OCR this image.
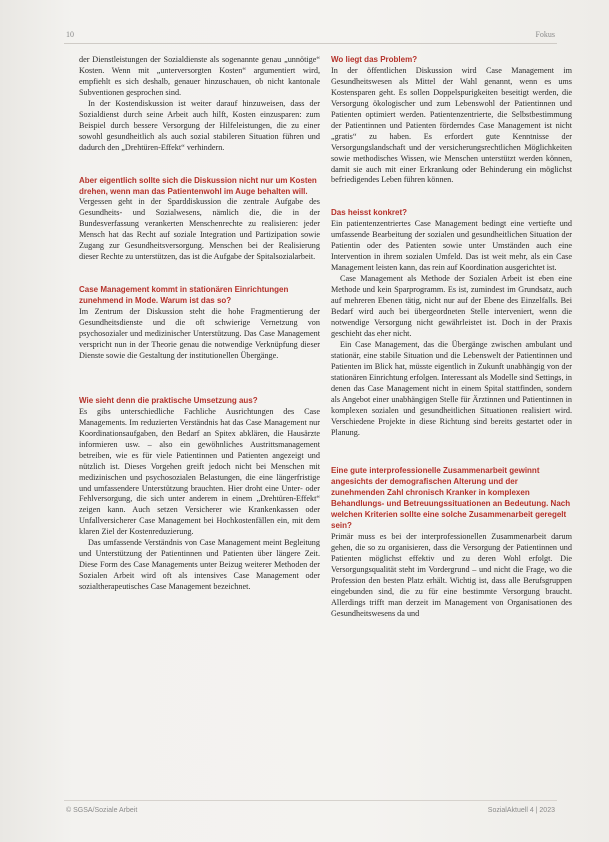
10	Fokus

der Dienstleistungen der Sozialdienste als sogenannte genau „unnötige“ Kosten. Wenn mit „unterversorgten Kosten“ argumentiert wird, empfiehlt es sich deshalb, genauer hinzuschauen, ob nicht kantonale Subventionen gesprochen sind.

In der Kostendiskussion ist weiter darauf hinzuweisen, dass der Sozialdienst durch seine Arbeit auch hilft, Kosten einzusparen: zum Beispiel durch bessere Versorgung der Hilfeleistungen, die zu einer sowohl gesundheitlich als auch sozial stabileren Situation führen und dadurch den „Drehtüren-Effekt“ verhindern.

Aber eigentlich sollte sich die Diskussion nicht nur um Kosten drehen, wenn man das Patientenwohl im Auge behalten will.

Vergessen geht in der Sparddiskussion die zentrale Aufgabe des Gesundheits- und Sozialwesens, nämlich die, die in der Bundesverfassung verankerten Menschenrechte zu realisieren: jeder Mensch hat das Recht auf soziale Integration und Partizipation sowie Zugang zur Gesundheitsversorgung. Menschen bei der Realisierung dieser Rechte zu unterstützen, das ist die Aufgabe der Spitalsozialarbeit.

Case Management kommt in stationären Einrichtungen zunehmend in Mode. Warum ist das so?

Im Zentrum der Diskussion steht die hohe Fragmentierung der Gesundheitsdienste und die oft schwierige Vernetzung von psychosozialer und medizinischer Unterstützung. Das Case Management verspricht nun in der Theorie genau die notwendige Verknüpfung dieser Dienste sowie die Gestaltung der institutionellen Übergänge.

Wie sieht denn die praktische Umsetzung aus?

Es gibs unterschiedliche Fachliche Ausrichtungen des Case Managements. Im reduzierten Verständnis hat das Case Management nur Koordinationsaufgaben, den Bedarf an Spitex abklären, die Hausärzte informieren usw. – also ein gewöhnliches Austrittsmanagement betreiben, wie es für viele Patientinnen und Patienten angezeigt und nützlich ist. Dieses Vorgehen greift jedoch nicht bei Menschen mit medizinischen und psychosozialen Belastungen, die eine längerfristige und umfassendere Unterstützung brauchten. Hier droht eine Unter- oder Fehlversorgung, die sich unter anderem in einem „Drehtüren-Effekt“ zeigen kann. Auch setzen Versicherer wie Krankenkassen oder Unfallversicherer Case Management bei Hochkostenfällen ein, mit dem klaren Ziel der Kostenreduzierung.

Das umfassende Verständnis von Case Management meint Begleitung und Unterstützung der Patientinnen und Patienten über längere Zeit. Diese Form des Case Managements unter Beizug weiterer Methoden der Sozialen Arbeit wird oft als intensives Case Management oder sozialtherapeutisches Case Management bezeichnet.

Wo liegt das Problem?

In der öffentlichen Diskussion wird Case Management im Gesundheitswesen als Mittel der Wahl genannt, wenn es ums Kostensparen geht. Es sollen Doppelspurigkeiten beseitigt werden, die Versorgung ökologischer und zum Lebenswohl der Patientinnen und Patienten optimiert werden. Patientenzentrierte, die Selbstbestimmung der Patientinnen und Patienten förderndes Case Management ist nicht „gratis“ zu haben. Es erfordert gute Kenntnisse der Versorgungslandschaft und der versicherungsrechtlichen Möglichkeiten sowie methodisches Wissen, wie Menschen unterstützt werden können, damit sie auch mit einer Erkrankung oder Behinderung ein möglichst befriedigendes Leben führen können.

Das heisst konkret?

Ein patientenzentriertes Case Management bedingt eine vertiefte und umfassende Bearbeitung der sozialen und gesundheitlichen Situation der Patientin oder des Patienten sowie unter Umständen auch eine Intervention in ihrem sozialen Umfeld. Das ist weit mehr, als ein Case Management leisten kann, das rein auf Koordination ausgerichtet ist.

Case Management als Methode der Sozialen Arbeit ist eben eine Methode und kein Sparprogramm. Es ist, zumindest im Grundsatz, auch auf mehreren Ebenen tätig, nicht nur auf der Ebene des Einzelfalls. Bei Bedarf wird auch bei übergeordneten Stelle interveniert, wenn die notwendige Versorgung nicht gewährleistet ist. Doch in der Praxis geschieht das eher nicht.

Ein Case Management, das die Übergänge zwischen ambulant und stationär, eine stabile Situation und die Lebenswelt der Patientinnen und Patienten im Blick hat, müsste eigentlich in Zukunft unabhängig von der stationären Einrichtung erfolgen. Interessant als Modelle sind Settings, in denen das Case Management nicht in einem Spital stattfinden, sondern als Angebot einer unabhängigen Stelle für Ärztinnen und Patientinnen in komplexen sozialen und gesundheitlichen Situationen realisiert wird. Verschiedene Projekte in diese Richtung sind bereits gestartet oder in Planung.

Eine gute interprofessionelle Zusammenarbeit gewinnt angesichts der demografischen Alterung und der zunehmenden Zahl chronisch Kranker in komplexen Behandlungs- und Betreuungssituationen an Bedeutung. Nach welchen Kriterien sollte eine solche Zusammenarbeit geregelt sein?

Primär muss es bei der interprofessionellen Zusammenarbeit darum gehen, die so zu organisieren, dass die Versorgung der Patientinnen und Patienten möglichst effektiv und zu deren Wohl erfolgt. Die Versorgungsqualität steht im Vordergrund – und nicht die Frage, wo die Profession den besten Platz erhält. Wichtig ist, dass alle Berufsgruppen eingebunden sind, die zu für eine bestimmte Versorgung braucht. Allerdings trifft man derzeit im Management von Organisationen des Gesundheitswesens da und

© SGSA/Soziale Arbeit	SozialAktuell 4 | 2023
